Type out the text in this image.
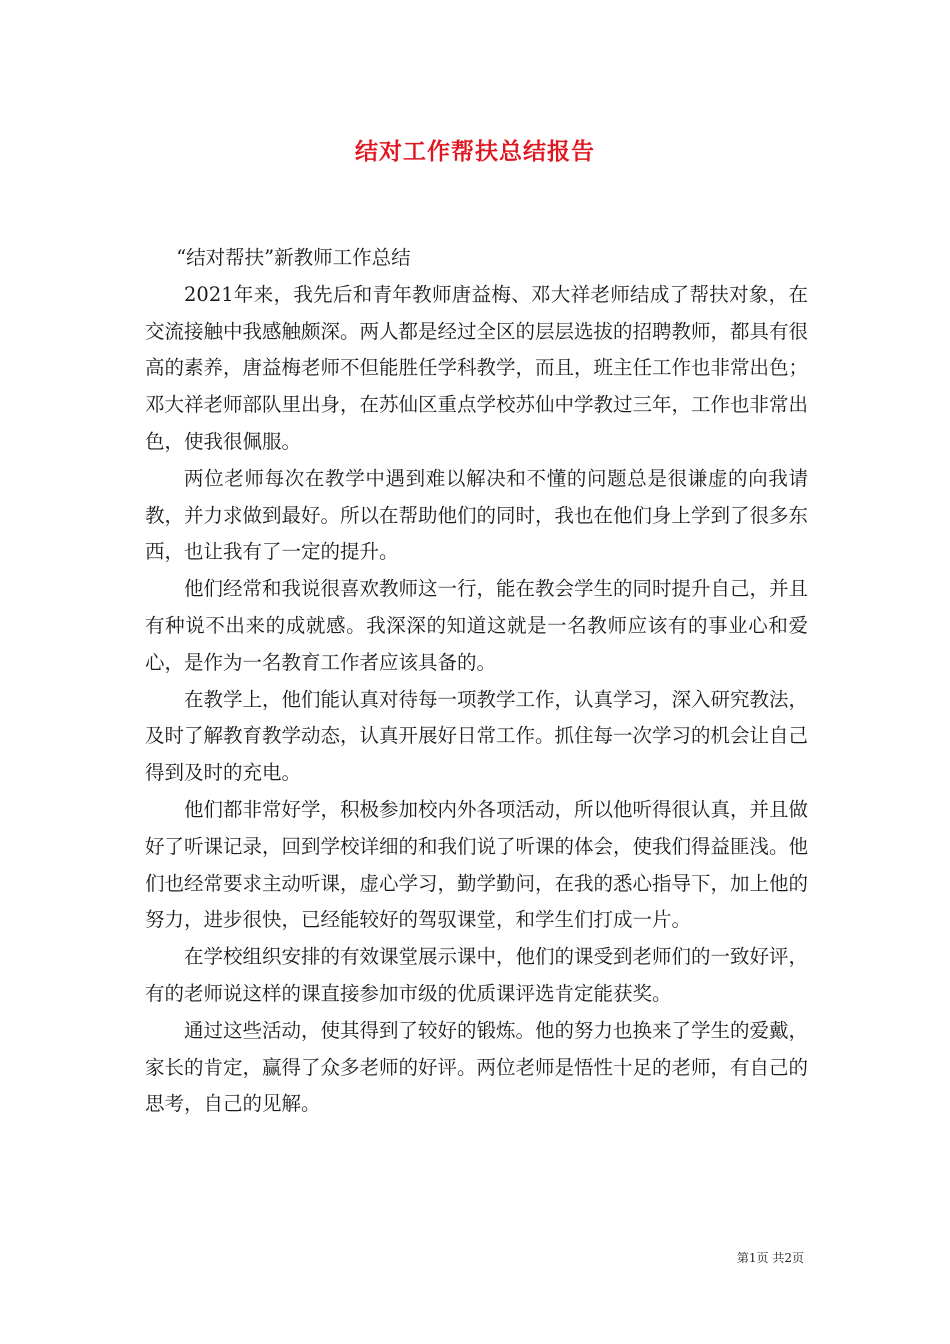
结对工作帮扶总结报告

“结对帮扶”新教师工作总结

2021年来，我先后和青年教师唐益梅、邓大祥老师结成了帮扶对象，在交流接触中我感触颇深。两人都是经过全区的层层选拔的招聘教师，都具有很高的素养，唐益梅老师不但能胜任学科教学，而且，班主任工作也非常出色；邓大祥老师部队里出身，在苏仙区重点学校苏仙中学教过三年，工作也非常出色，使我很佩服。

两位老师每次在教学中遇到难以解决和不懂的问题总是很谦虚的向我请教，并力求做到最好。所以在帮助他们的同时，我也在他们身上学到了很多东西，也让我有了一定的提升。

他们经常和我说很喜欢教师这一行，能在教会学生的同时提升自己，并且有种说不出来的成就感。我深深的知道这就是一名教师应该有的事业心和爱心，是作为一名教育工作者应该具备的。

在教学上，他们能认真对待每一项教学工作，认真学习，深入研究教法，及时了解教育教学动态，认真开展好日常工作。抓住每一次学习的机会让自己得到及时的充电。

他们都非常好学，积极参加校内外各项活动，所以他听得很认真，并且做好了听课记录，回到学校详细的和我们说了听课的体会，使我们得益匪浅。他们也经常要求主动听课，虚心学习，勤学勤问，在我的悉心指导下，加上他的努力，进步很快，已经能较好的驾驭课堂，和学生们打成一片。

在学校组织安排的有效课堂展示课中，他们的课受到老师们的一致好评，有的老师说这样的课直接参加市级的优质课评选肯定能获奖。

通过这些活动，使其得到了较好的锻炼。他的努力也换来了学生的爱戴，家长的肯定，赢得了众多老师的好评。两位老师是悟性十足的老师，有自己的思考，自己的见解。

第1页 共2页
